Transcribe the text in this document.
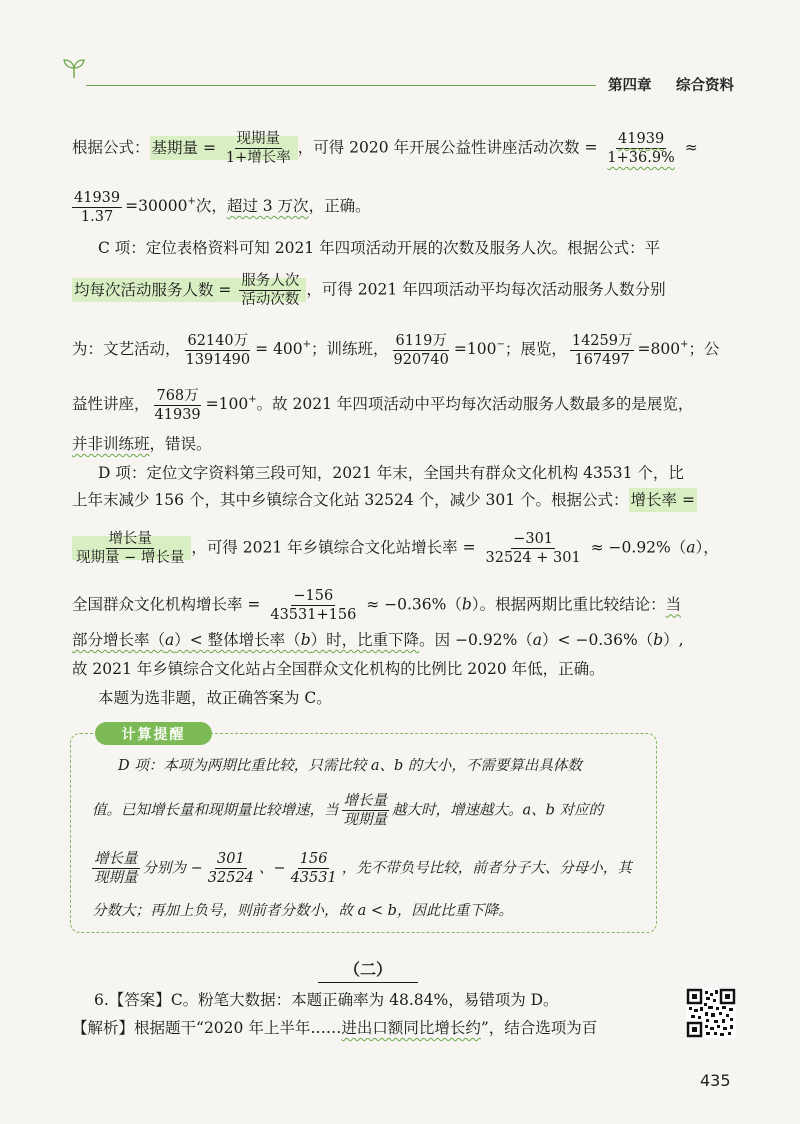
第四章 综合资料
根据公式： 基期量 = $\frac{\text{现期量}}{\text{1+增长率}}$ ，可得 2020 年开展公益性讲座活动次数 = $\frac{41939}{1+36.9\%}$ ≈
$\frac{41939}{1.37} =30000^+$次，超过 3 万次，正确。
C 项：定位表格资料可知 2021 年四项活动开展的次数及服务人次。根据公式：平
均每次活动服务人数 = $\frac{\text{服务人次}}{\text{活动次数}}$ ，可得 2021 年四项活动平均每次活动服务人数分别
为：文艺活动， $\frac{\text{62140万}}{1391490} = 400^+$；训练班， $\frac{\text{6119万}}{920740} =100^-$；展览， $\frac{\text{14259万}}{167497} =800^+$；公
益性讲座， $\frac{\text{768万}}{41939} =100^+$。故 2021 年四项活动中平均每次活动服务人数最多的是展览，
并非训练班，错误。
D 项：定位文字资料第三段可知，2021 年末，全国共有群众文化机构 43531 个，比
上年末减少 156 个，其中乡镇综合文化站 32524 个，减少 301 个。根据公式： 增长率 =
$\frac{\text{增长量}}{\text{现期量 − 增长量}}$ ，可得 2021 年乡镇综合文化站增长率 = $\frac{-301}{32524 + 301} \approx -0.92\%(a)$，
全国群众文化机构增长率 = $\frac{-156}{43531+156} \approx -0.36\%(b)$。根据两期比重比较结论：当
部分增长率（a）< 整体增长率（b）时，比重下降。因 −0.92%（a）< −0.36%（b）,
故 2021 年乡镇综合文化站占全国群众文化机构的比例比 2020 年低，正确。
本题为选非题，故正确答案为 C。
计算提醒
D 项：本项为两期比重比较，只需比较 a、b 的大小，不需要算出具体数
值。已知增长量和现期量比较增速，当 $\frac{\text{增长量}}{\text{现期量}}$ 越大时，增速越大。a、b 对应的
$\frac{\text{增长量}}{\text{现期量}}$ 分别为 − $\frac{301}{32524}$ 、− $\frac{156}{43531}$ ，先不带负号比较，前者分子大、分母小，其
分数大；再加上负号，则前者分数小，故 a < b，因此比重下降。
（二）
6.【答案】C。粉笔大数据：本题正确率为 48.84%，易错项为 D。
【解析】根据题干“2020 年上半年……进出口额同比增长约”，结合选项为百
435
